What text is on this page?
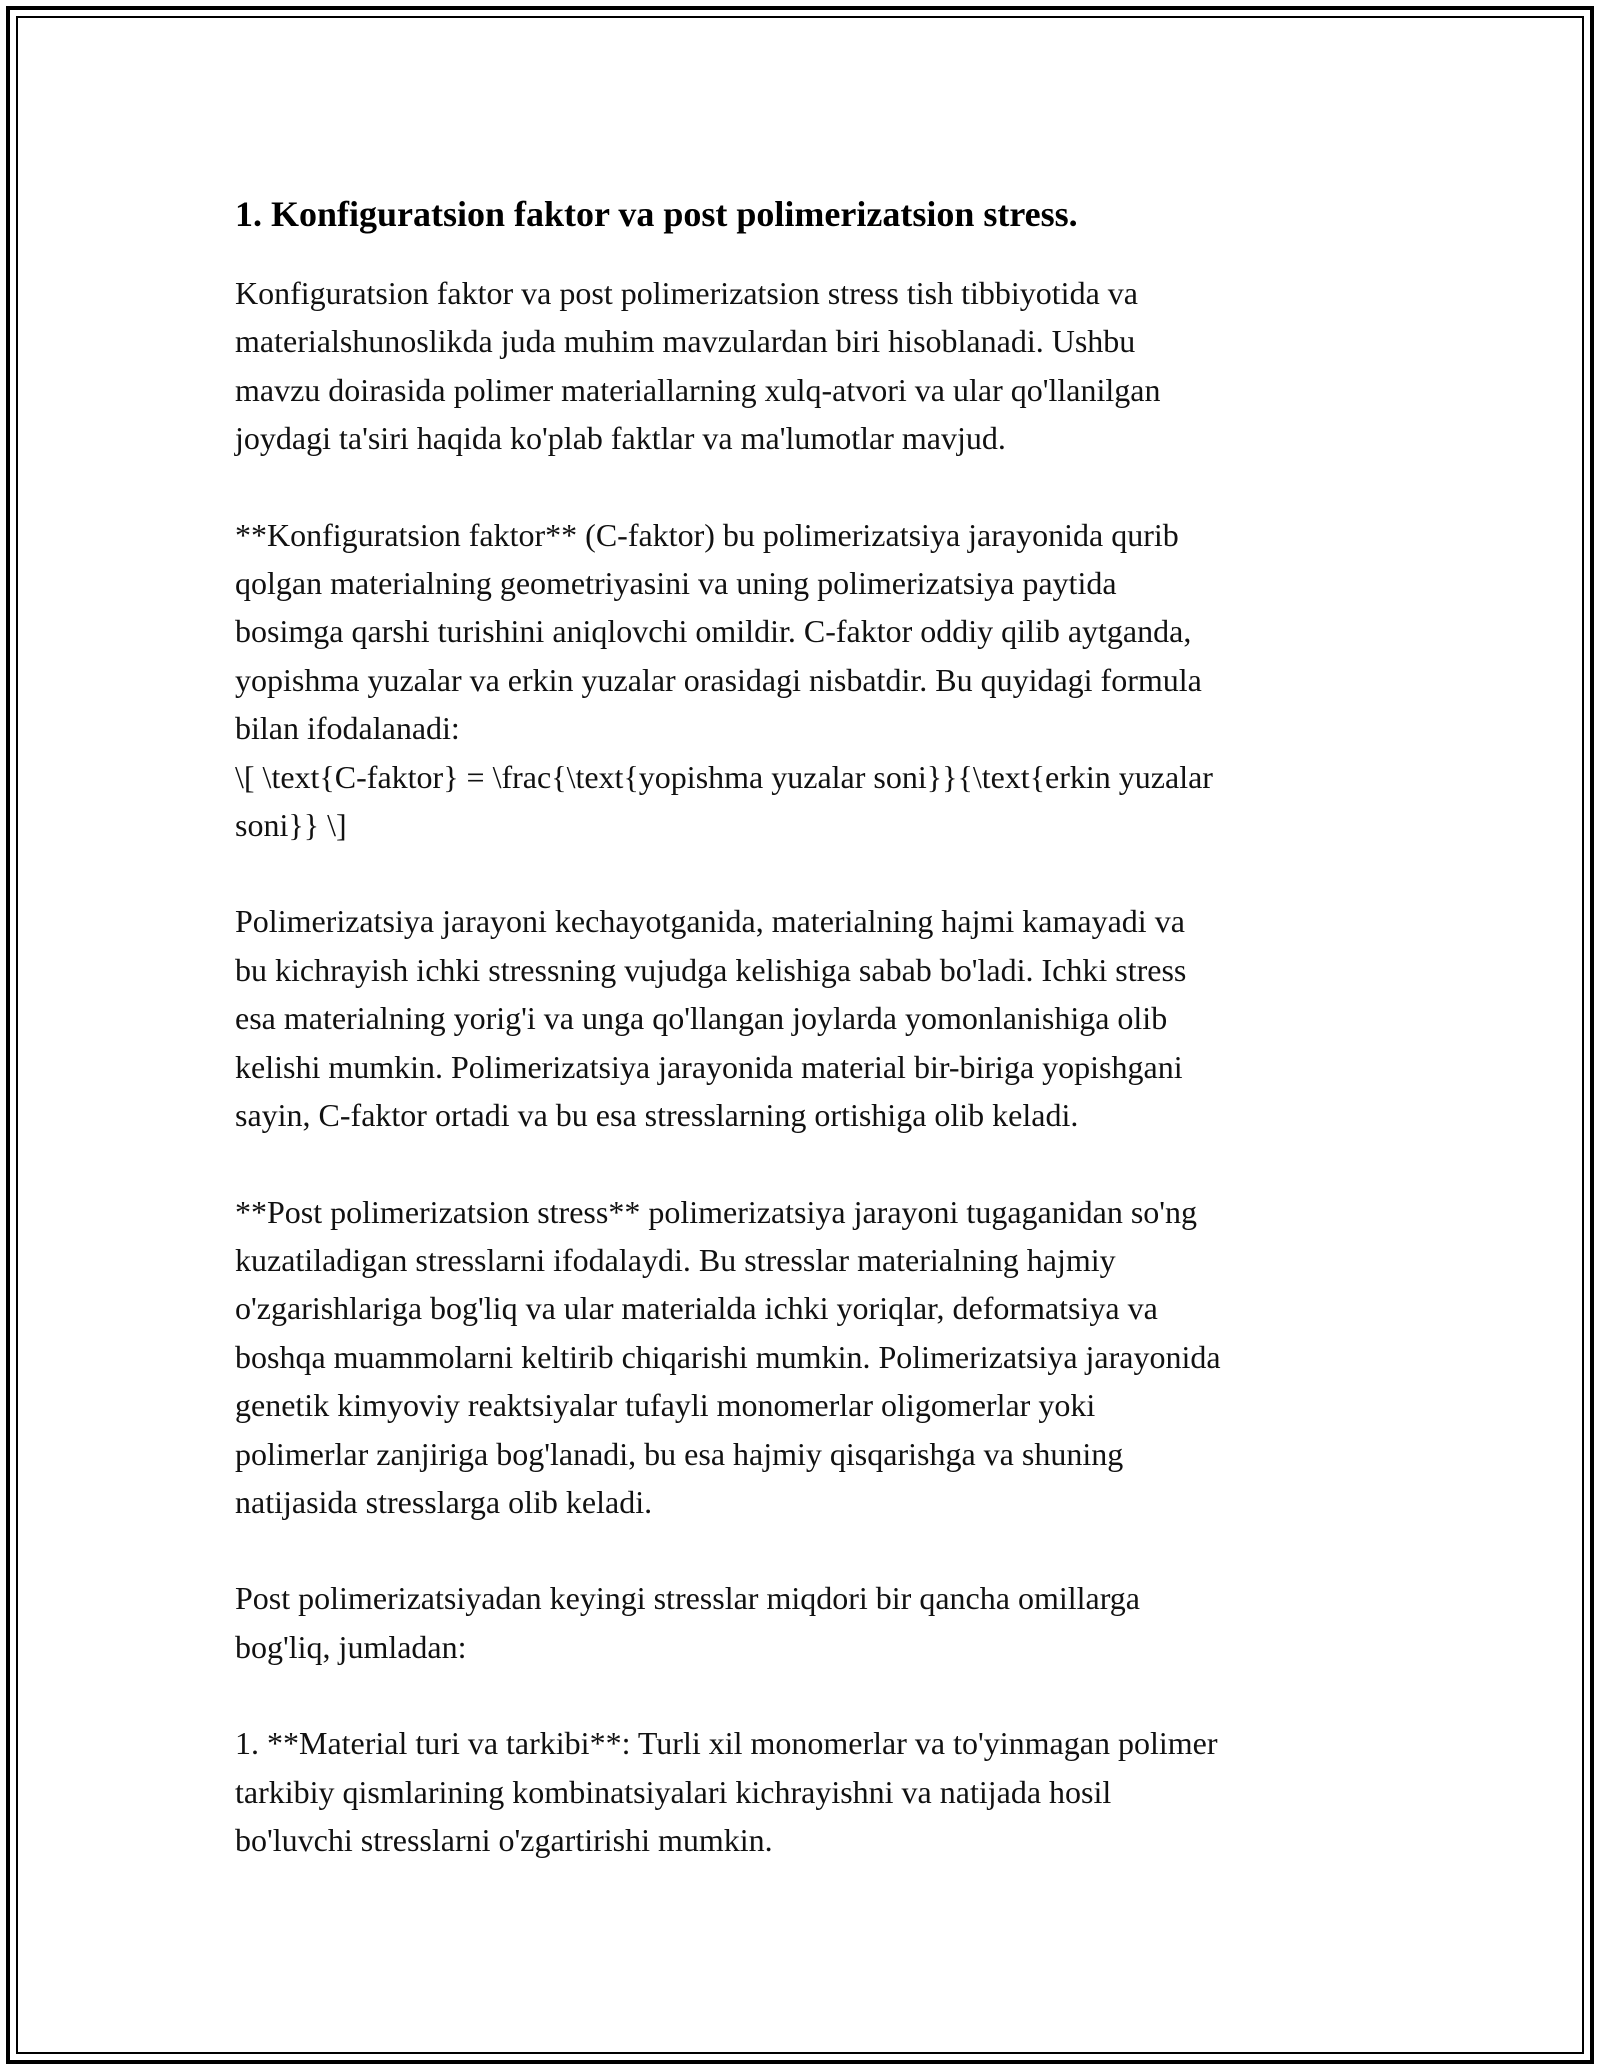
1. Konfiguratsion faktor va post polimerizatsion stress.

Konfiguratsion faktor va post polimerizatsion stress tish tibbiyotida va
materialshunoslikda juda muhim mavzulardan biri hisoblanadi. Ushbu
mavzu doirasida polimer materiallarning xulq-atvori va ular qo'llanilgan
joydagi ta'siri haqida ko'plab faktlar va ma'lumotlar mavjud.

**Konfiguratsion faktor** (C-faktor) bu polimerizatsiya jarayonida qurib
qolgan materialning geometriyasini va uning polimerizatsiya paytida
bosimga qarshi turishini aniqlovchi omildir. C-faktor oddiy qilib aytganda,
yopishma yuzalar va erkin yuzalar orasidagi nisbatdir. Bu quyidagi formula
bilan ifodalanadi:
\[ \text{C-faktor} = \frac{\text{yopishma yuzalar soni}}{\text{erkin yuzalar
soni}} \]

Polimerizatsiya jarayoni kechayotganida, materialning hajmi kamayadi va
bu kichrayish ichki stressning vujudga kelishiga sabab bo'ladi. Ichki stress
esa materialning yorig'i va unga qo'llangan joylarda yomonlanishiga olib
kelishi mumkin. Polimerizatsiya jarayonida material bir-biriga yopishgani
sayin, C-faktor ortadi va bu esa stresslarning ortishiga olib keladi.

**Post polimerizatsion stress** polimerizatsiya jarayoni tugaganidan so'ng
kuzatiladigan stresslarni ifodalaydi. Bu stresslar materialning hajmiy
o'zgarishlariga bog'liq va ular materialda ichki yoriqlar, deformatsiya va
boshqa muammolarni keltirib chiqarishi mumkin. Polimerizatsiya jarayonida
genetik kimyoviy reaktsiyalar tufayli monomerlar oligomerlar yoki
polimerlar zanjiriga bog'lanadi, bu esa hajmiy qisqarishga va shuning
natijasida stresslarga olib keladi.

Post polimerizatsiyadan keyingi stresslar miqdori bir qancha omillarga
bog'liq, jumladan:

1. **Material turi va tarkibi**: Turli xil monomerlar va to'yinmagan polimer
tarkibiy qismlarining kombinatsiyalari kichrayishni va natijada hosil
bo'luvchi stresslarni o'zgartirishi mumkin.
